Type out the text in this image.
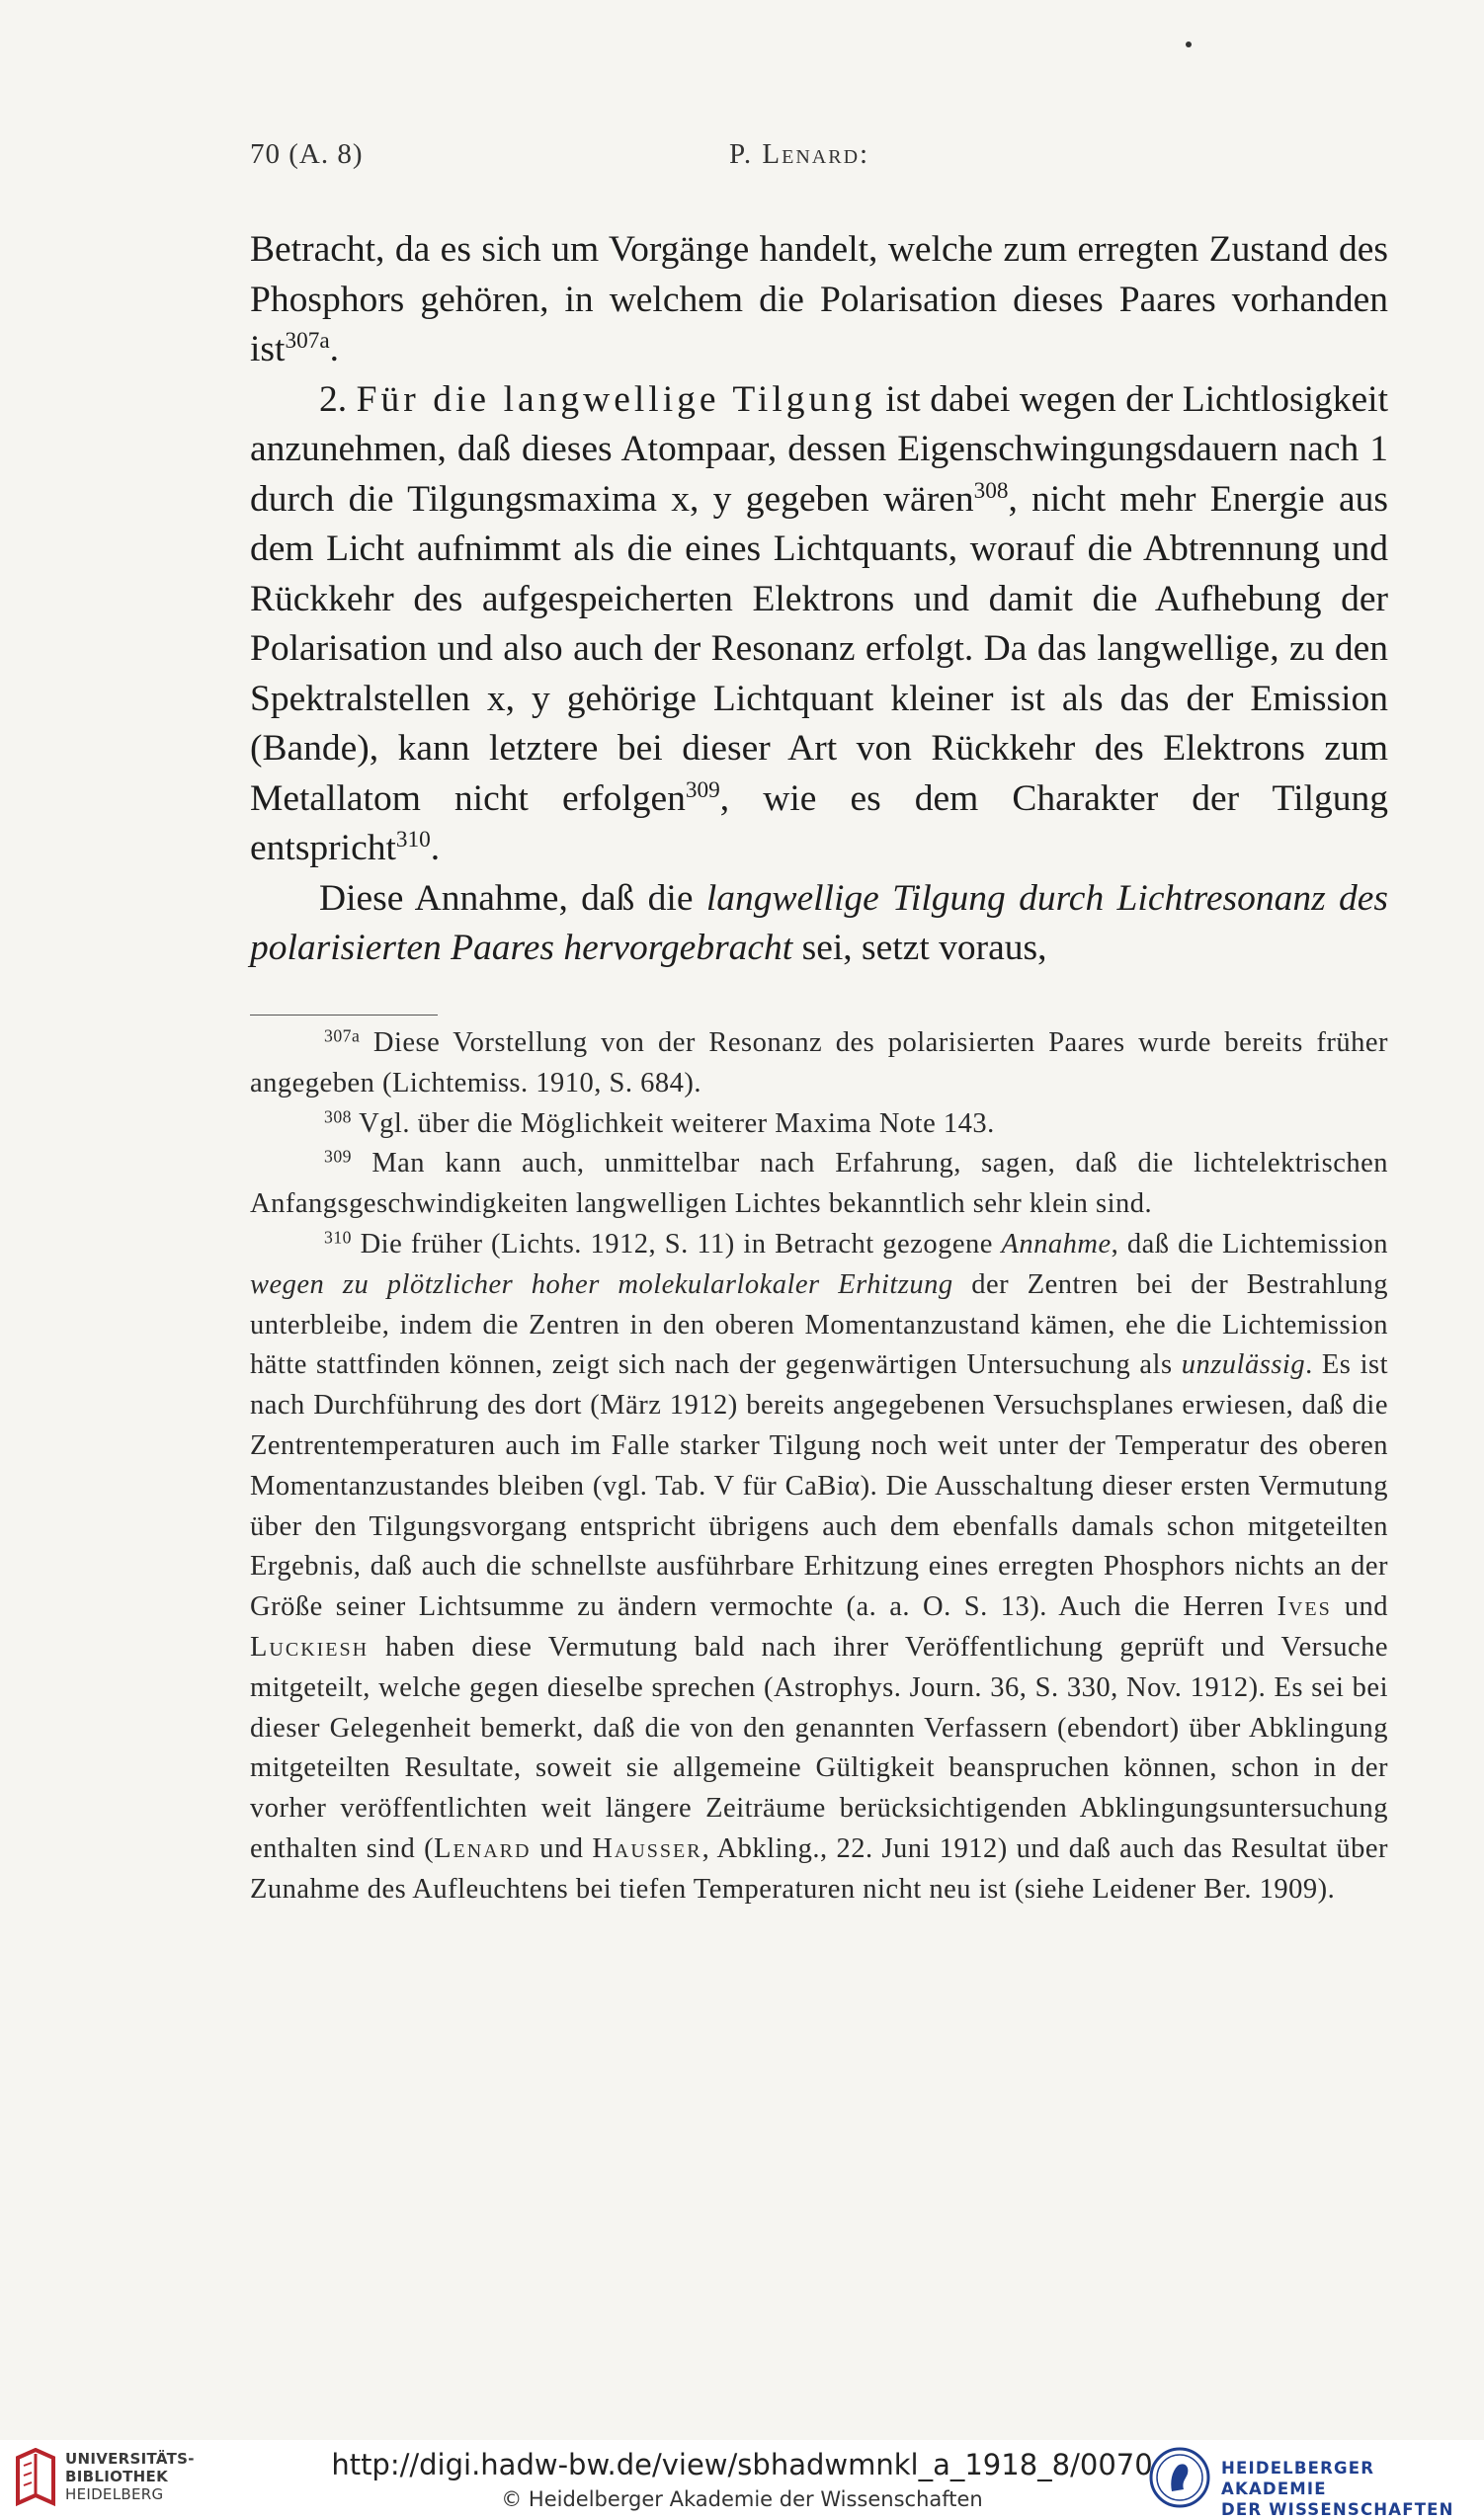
70 (A. 8)	P. Lenard:

Betracht, da es sich um Vorgänge handelt, welche zum erregten Zustand des Phosphors gehören, in welchem die Polarisation dieses Paares vorhanden ist$^{307a}$.

2. Für die langwellige Tilgung ist dabei wegen der Lichtlosigkeit anzunehmen, daß dieses Atompaar, dessen Eigenschwingungsdauern nach 1 durch die Tilgungsmaxima x, y gegeben wären$^{308}$, nicht mehr Energie aus dem Licht aufnimmt als die eines Lichtquants, worauf die Abtrennung und Rückkehr des aufgespeicherten Elektrons und damit die Aufhebung der Polarisation und also auch der Resonanz erfolgt. Da das langwellige, zu den Spektralstellen x, y gehörige Lichtquant kleiner ist als das der Emission (Bande), kann letztere bei dieser Art von Rückkehr des Elektrons zum Metallatom nicht erfolgen$^{309}$, wie es dem Charakter der Tilgung entspricht$^{310}$.

Diese Annahme, daß die langwellige Tilgung durch Lichtresonanz des polarisierten Paares hervorgebracht sei, setzt voraus,

$^{307a}$ Diese Vorstellung von der Resonanz des polarisierten Paares wurde bereits früher angegeben (Lichtemiss. 1910, S. 684).

$^{308}$ Vgl. über die Möglichkeit weiterer Maxima Note 143.

$^{309}$ Man kann auch, unmittelbar nach Erfahrung, sagen, daß die lichtelektrischen Anfangsgeschwindigkeiten langwelligen Lichtes bekanntlich sehr klein sind.

$^{310}$ Die früher (Lichts. 1912, S. 11) in Betracht gezogene Annahme, daß die Lichtemission wegen zu plötzlicher hoher molekularlokaler Erhitzung der Zentren bei der Bestrahlung unterbleibe, indem die Zentren in den oberen Momentanzustand kämen, ehe die Lichtemission hätte stattfinden können, zeigt sich nach der gegenwärtigen Untersuchung als unzulässig. Es ist nach Durchführung des dort (März 1912) bereits angegebenen Versuchsplanes erwiesen, daß die Zentrentemperaturen auch im Falle starker Tilgung noch weit unter der Temperatur des oberen Momentanzustandes bleiben (vgl. Tab. V für CaBiα). Die Ausschaltung dieser ersten Vermutung über den Tilgungsvorgang entspricht übrigens auch dem ebenfalls damals schon mitgeteilten Ergebnis, daß auch die schnellste ausführbare Erhitzung eines erregten Phosphors nichts an der Größe seiner Lichtsumme zu ändern vermochte (a. a. O. S. 13). Auch die Herren Ives und Luckiesh haben diese Vermutung bald nach ihrer Veröffentlichung geprüft und Versuche mitgeteilt, welche gegen dieselbe sprechen (Astrophys. Journ. 36, S. 330, Nov. 1912). Es sei bei dieser Gelegenheit bemerkt, daß die von den genannten Verfassern (ebendort) über Abklingung mitgeteilten Resultate, soweit sie allgemeine Gültigkeit beanspruchen können, schon in der vorher veröffentlichten weit längere Zeiträume berücksichtigenden Abklingungsuntersuchung enthalten sind (Lenard und Hausser, Abkling., 22. Juni 1912) und daß auch das Resultat über Zunahme des Aufleuchtens bei tiefen Temperaturen nicht neu ist (siehe Leidener Ber. 1909).

UNIVERSITÄTS-
BIBLIOTHEK
HEIDELBERG
http://digi.hadw-bw.de/view/sbhadwmnkl_a_1918_8/0070
© Heidelberger Akademie der Wissenschaften
HEIDELBERGER AKADEMIE
DER WISSENSCHAFTEN
